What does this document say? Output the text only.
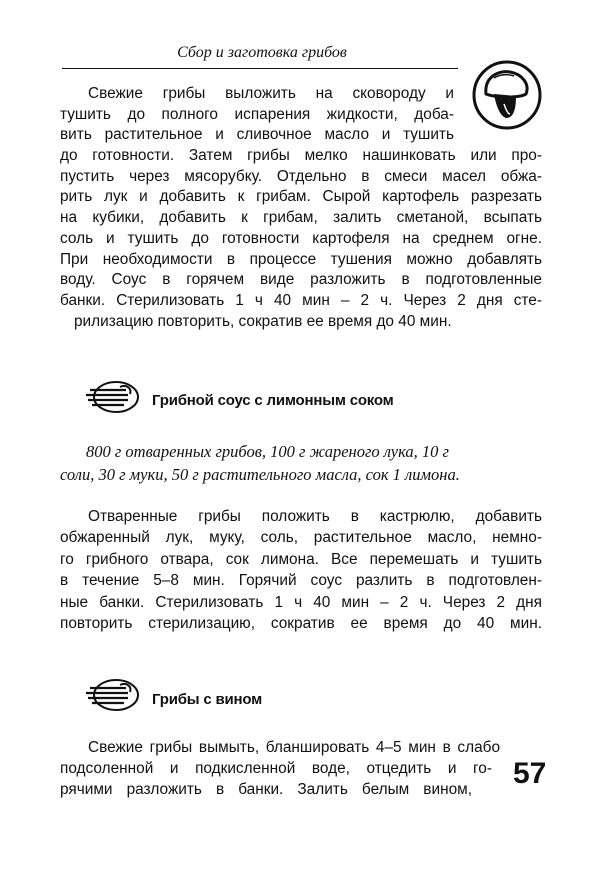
Сбор и заготовка грибов
Свежие грибы выложить на сковороду и
тушить до полного испарения жидкости, доба-
вить растительное и сливочное масло и тушить
до готовности. Затем грибы мелко нашинковать или про-
пустить через мясорубку. Отдельно в смеси масел обжа-
рить лук и добавить к грибам. Сырой картофель разрезать
на кубики, добавить к грибам, залить сметаной, всыпать
соль и тушить до готовности картофеля на среднем огне.
При необходимости в процессе тушения можно добавлять
воду. Соус в горячем виде разложить в подготовленные
банки. Стерилизовать 1 ч 40 мин – 2 ч. Через 2 дня сте-
рилизацию повторить, сократив ее время до 40 мин.
Грибной соус с лимонным соком
800 г отваренных грибов, 100 г жареного лука, 10 г
соли, 30 г муки, 50 г растительного масла, сок 1 лимона.
Отваренные грибы положить в кастрюлю, добавить
обжаренный лук, муку, соль, растительное масло, немно-
го грибного отвара, сок лимона. Все перемешать и тушить
в течение 5–8 мин. Горячий соус разлить в подготовлен-
ные банки. Стерилизовать 1 ч 40 мин – 2 ч. Через 2 дня
повторить стерилизацию, сократив ее время до 40 мин.
Грибы с вином
Свежие грибы вымыть, бланшировать 4–5 мин в слабо
подсоленной и подкисленной воде, отцедить и го-
рячими разложить в банки. Залить белым вином, 57
